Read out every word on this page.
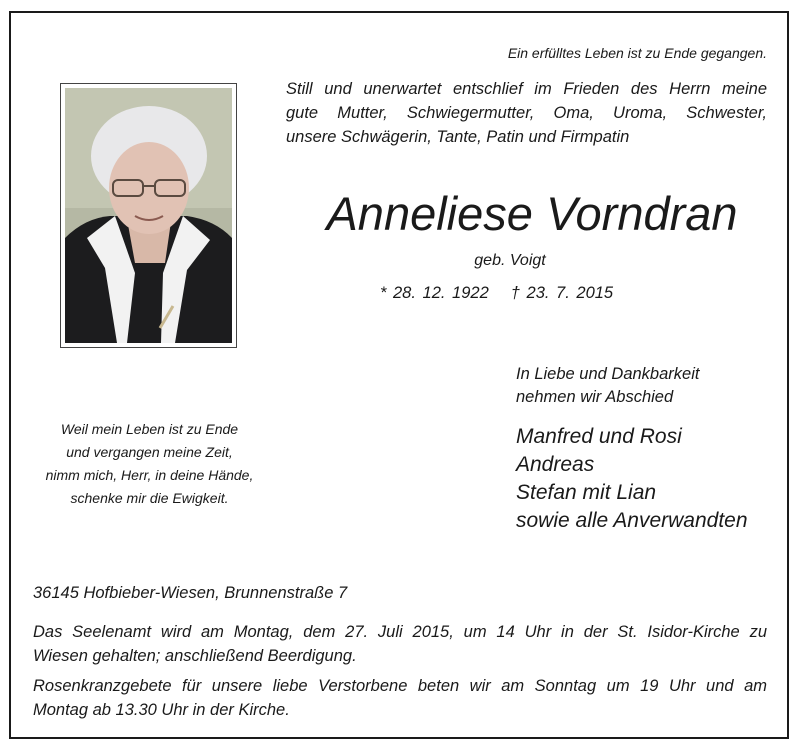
Ein erfülltes Leben ist zu Ende gegangen.
Still und unerwartet entschlief im Frieden des Herrn meine
gute Mutter, Schwiegermutter, Oma, Uroma, Schwester,
unsere Schwägerin, Tante, Patin und Firmpatin
Anneliese Vorndran
geb. Voigt
* 28. 12. 1922 † 23. 7. 2015
Weil mein Leben ist zu Ende
und vergangen meine Zeit,
nimm mich, Herr, in deine Hände,
schenke mir die Ewigkeit.
In Liebe und Dankbarkeit
nehmen wir Abschied
Manfred und Rosi
Andreas
Stefan mit Lian
sowie alle Anverwandten
36145 Hofbieber-Wiesen, Brunnenstraße 7
Das Seelenamt wird am Montag, dem 27. Juli 2015, um 14 Uhr in der St. Isidor-Kirche zu
Wiesen gehalten; anschließend Beerdigung.
Rosenkranzgebete für unsere liebe Verstorbene beten wir am Sonntag um 19 Uhr und am
Montag ab 13.30 Uhr in der Kirche.
